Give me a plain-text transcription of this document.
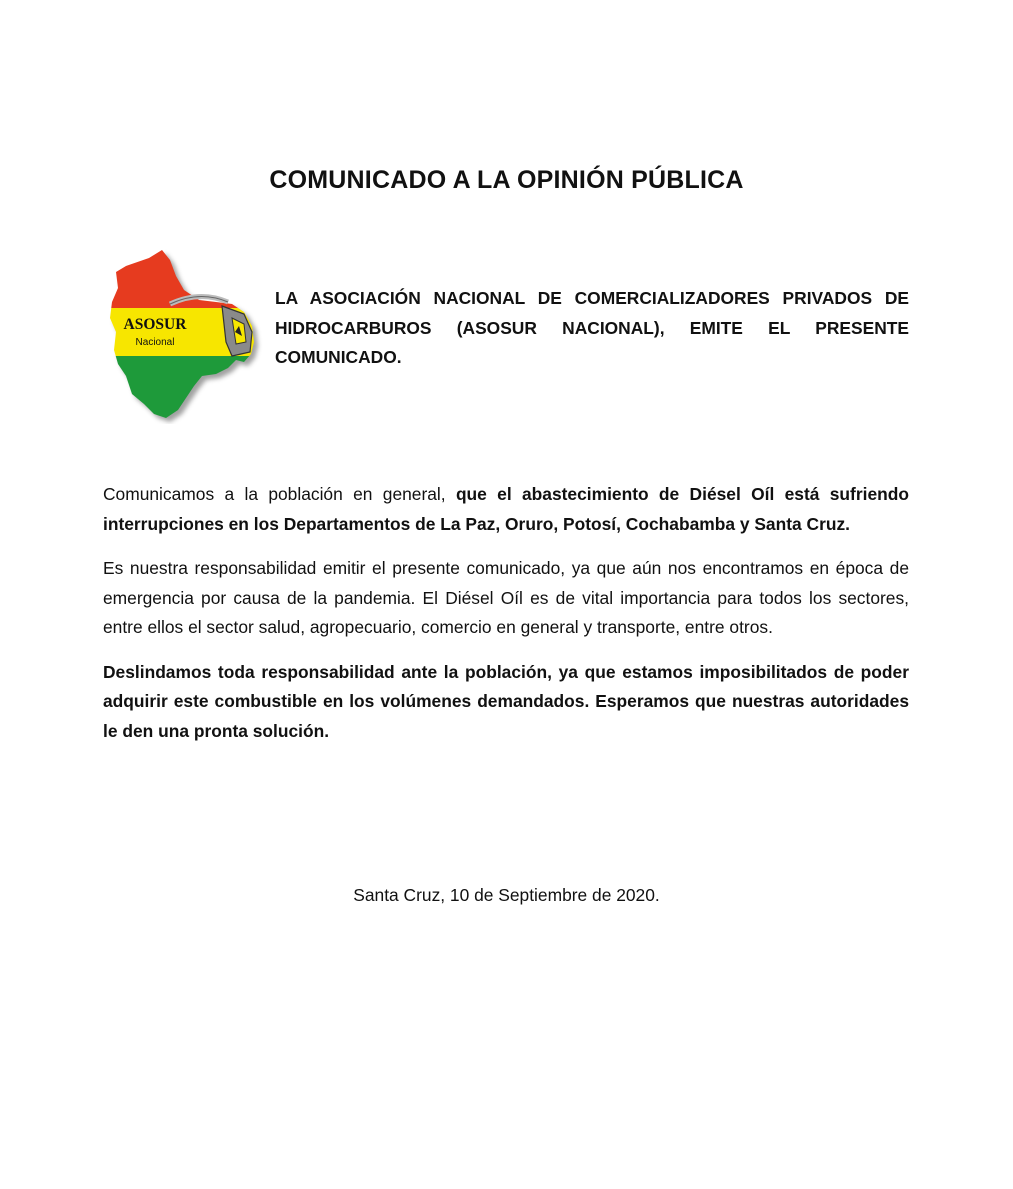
COMUNICADO A LA OPINIÓN PÚBLICA
ASOSUR
Nacional
LA ASOCIACIÓN NACIONAL DE COMERCIALIZADORES PRIVADOS DE HIDROCARBUROS (ASOSUR NACIONAL), EMITE EL PRESENTE COMUNICADO.

Comunicamos a la población en general, que el abastecimiento de Diésel Oíl está sufriendo interrupciones en los Departamentos de La Paz, Oruro, Potosí, Cochabamba y Santa Cruz.

Es nuestra responsabilidad emitir el presente comunicado, ya que aún nos encontramos en época de emergencia por causa de la pandemia. El Diésel Oíl es de vital importancia para todos los sectores, entre ellos el sector salud, agropecuario, comercio en general y transporte, entre otros.

Deslindamos toda responsabilidad ante la población, ya que estamos imposibilitados de poder adquirir este combustible en los volúmenes demandados. Esperamos que nuestras autoridades le den una pronta solución.

Santa Cruz, 10 de Septiembre de 2020.
